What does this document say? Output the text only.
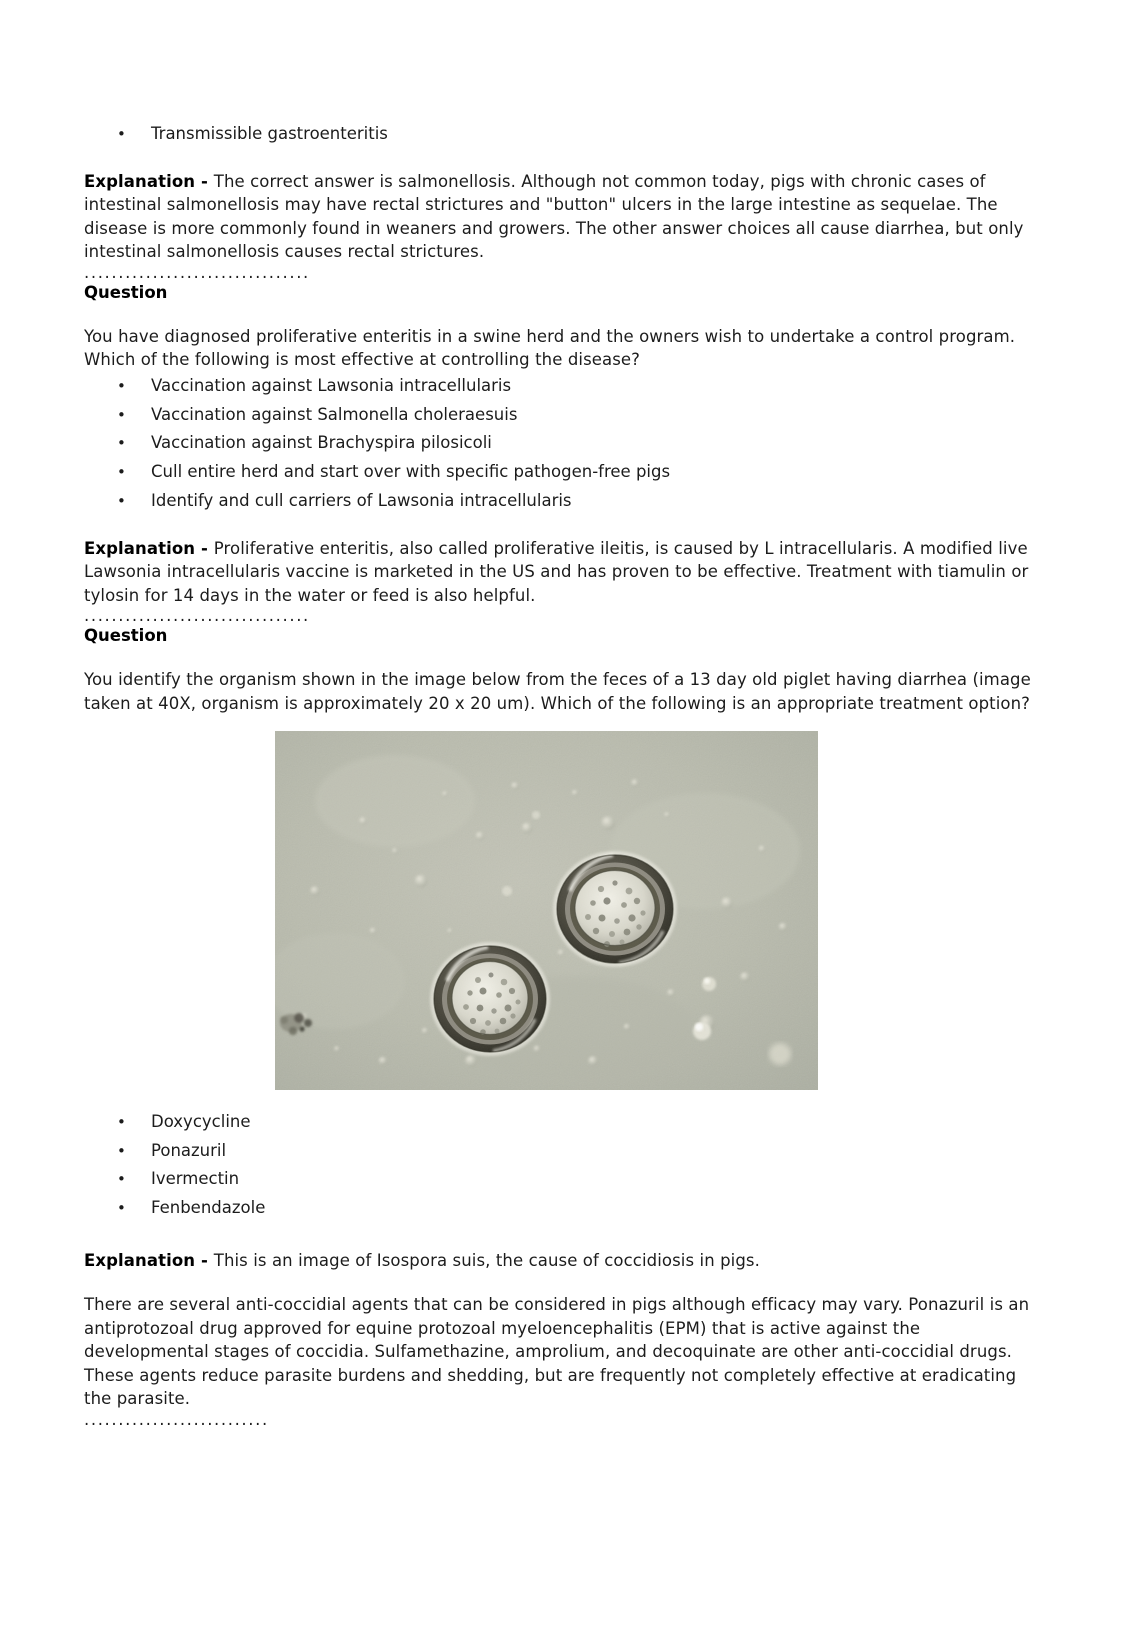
• Transmissible gastroenteritis

Explanation - The correct answer is salmonellosis. Although not common today, pigs with chronic cases of intestinal salmonellosis may have rectal strictures and "button" ulcers in the large intestine as sequelae. The disease is more commonly found in weaners and growers. The other answer choices all cause diarrhea, but only intestinal salmonellosis causes rectal strictures.

.................................

Question

You have diagnosed proliferative enteritis in a swine herd and the owners wish to undertake a control program. Which of the following is most effective at controlling the disease?

• Vaccination against Lawsonia intracellularis
• Vaccination against Salmonella choleraesuis
• Vaccination against Brachyspira pilosicoli
• Cull entire herd and start over with specific pathogen-free pigs
• Identify and cull carriers of Lawsonia intracellularis

Explanation - Proliferative enteritis, also called proliferative ileitis, is caused by L intracellularis. A modified live Lawsonia intracellularis vaccine is marketed in the US and has proven to be effective. Treatment with tiamulin or tylosin for 14 days in the water or feed is also helpful.

.................................

Question

You identify the organism shown in the image below from the feces of a 13 day old piglet having diarrhea (image taken at 40X, organism is approximately 20 x 20 um). Which of the following is an appropriate treatment option?

• Doxycycline
• Ponazuril
• Ivermectin
• Fenbendazole

Explanation - This is an image of Isospora suis, the cause of coccidiosis in pigs.

There are several anti-coccidial agents that can be considered in pigs although efficacy may vary. Ponazuril is an antiprotozoal drug approved for equine protozoal myeloencephalitis (EPM) that is active against the developmental stages of coccidia. Sulfamethazine, amprolium, and decoquinate are other anti-coccidial drugs. These agents reduce parasite burdens and shedding, but are frequently not completely effective at eradicating the parasite.

...........................
